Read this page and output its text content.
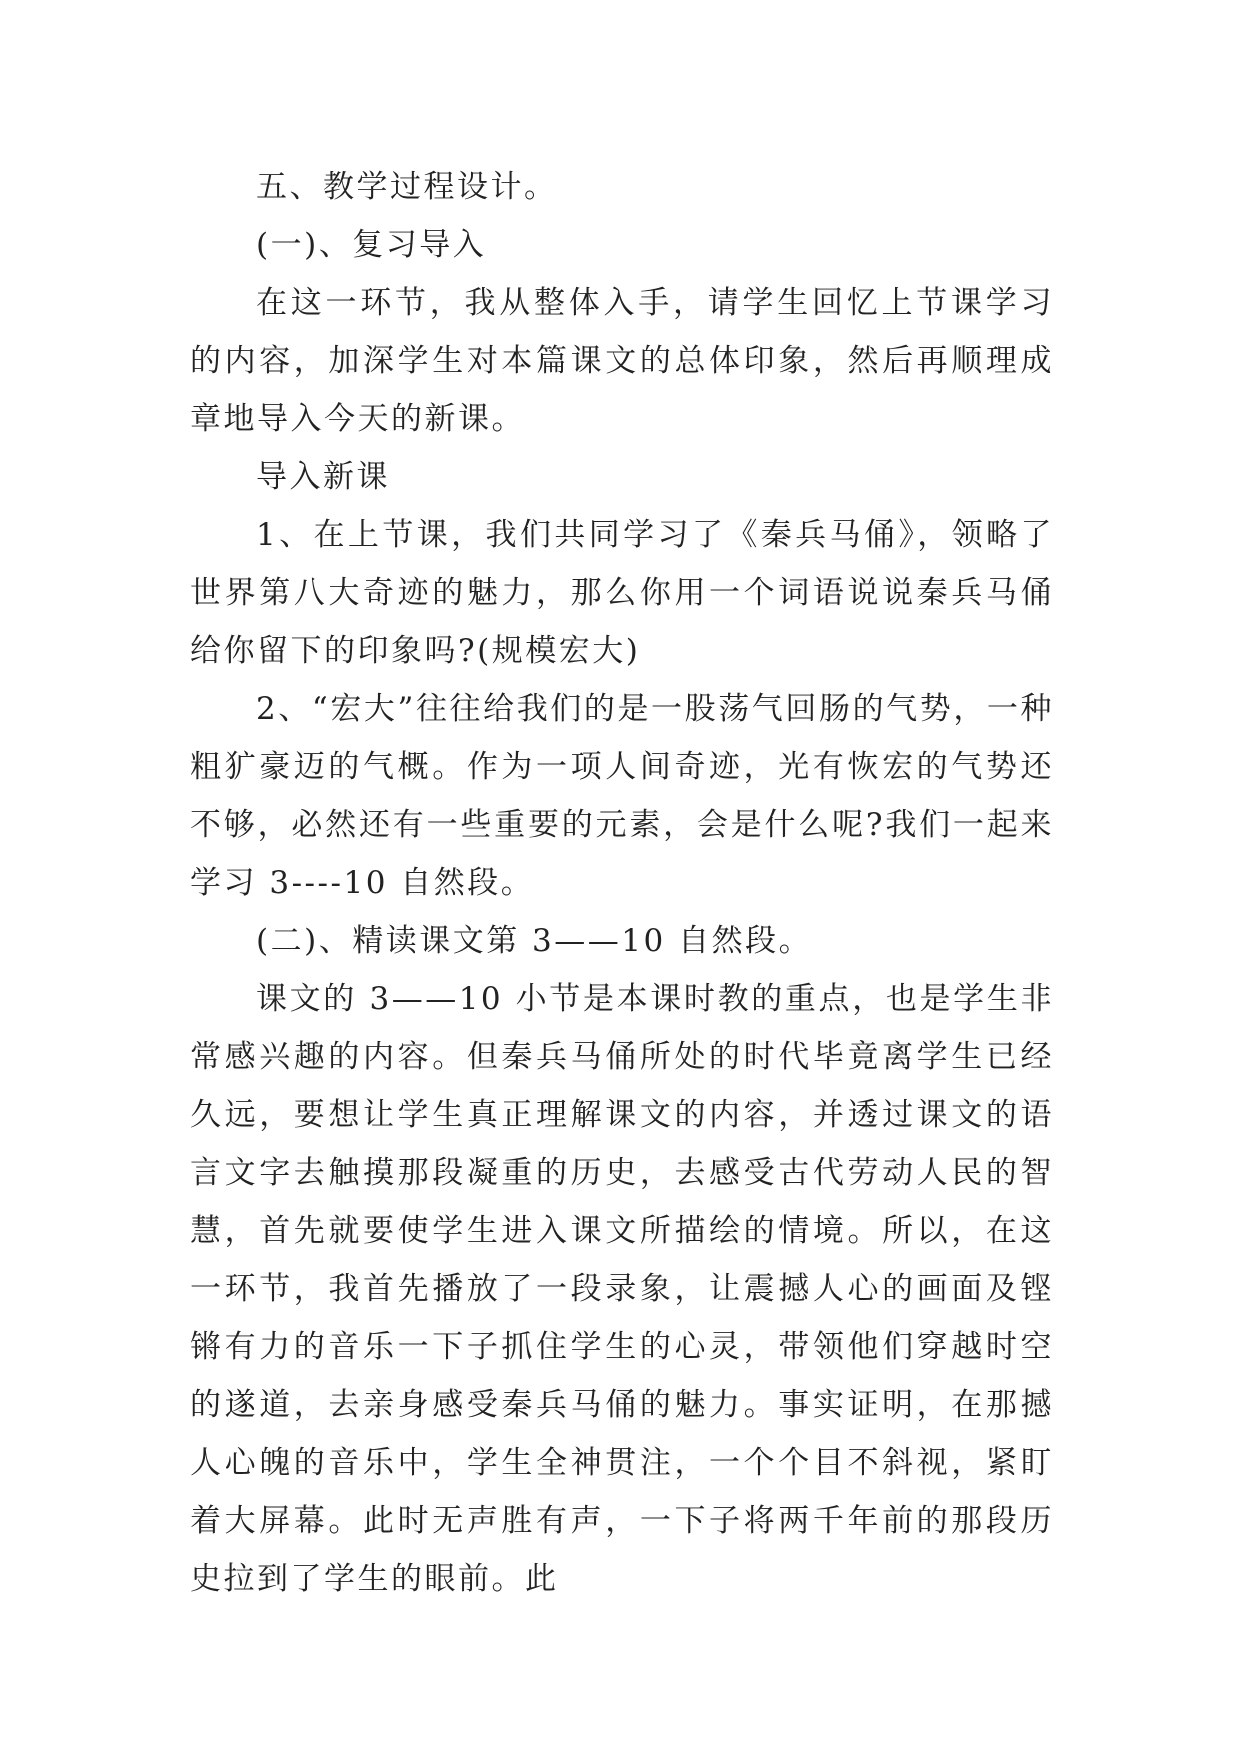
五、教学过程设计。

(一)、复习导入

在这一环节，我从整体入手，请学生回忆上节课学习的内容，加深学生对本篇课文的总体印象，然后再顺理成章地导入今天的新课。

导入新课

1、在上节课，我们共同学习了《秦兵马俑》，领略了世界第八大奇迹的魅力，那么你用一个词语说说秦兵马俑给你留下的印象吗?(规模宏大)

2、“宏大”往往给我们的是一股荡气回肠的气势，一种粗犷豪迈的气概。作为一项人间奇迹，光有恢宏的气势还不够，必然还有一些重要的元素，会是什么呢?我们一起来学习 3----10 自然段。

(二)、精读课文第 3——10 自然段。

课文的 3——10 小节是本课时教的重点，也是学生非常感兴趣的内容。但秦兵马俑所处的时代毕竟离学生已经久远，要想让学生真正理解课文的内容，并透过课文的语言文字去触摸那段凝重的历史，去感受古代劳动人民的智慧，首先就要使学生进入课文所描绘的情境。所以，在这一环节，我首先播放了一段录象，让震撼人心的画面及铿锵有力的音乐一下子抓住学生的心灵，带领他们穿越时空的遂道，去亲身感受秦兵马俑的魅力。事实证明，在那撼人心魄的音乐中，学生全神贯注，一个个目不斜视，紧盯着大屏幕。此时无声胜有声，一下子将两千年前的那段历史拉到了学生的眼前。此
